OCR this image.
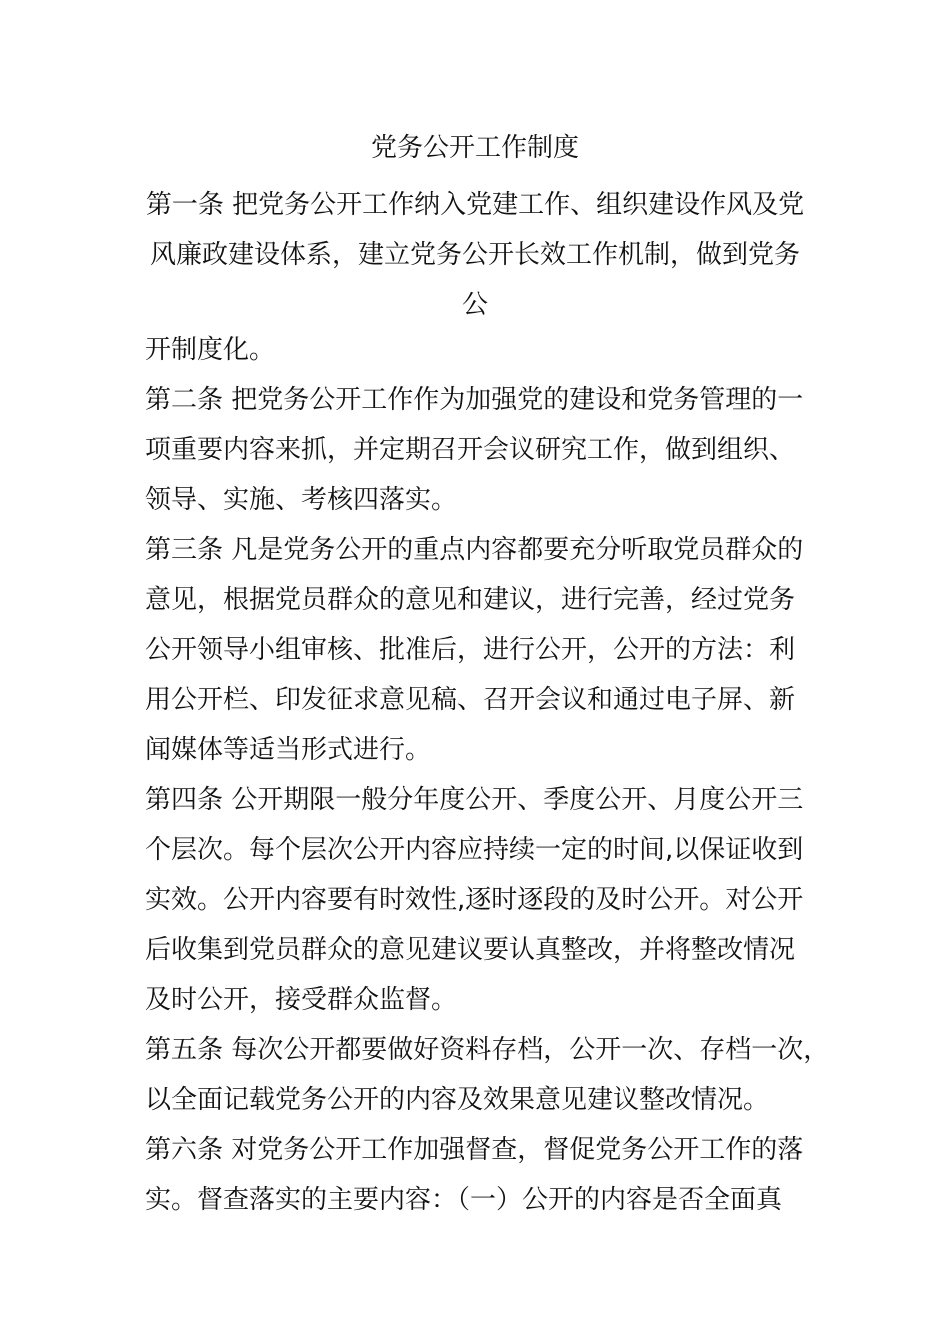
党务公开工作制度
第一条 把党务公开工作纳入党建工作、组织建设作风及党
风廉政建设体系，建立党务公开长效工作机制，做到党务
公
开制度化。
第二条 把党务公开工作作为加强党的建设和党务管理的一
项重要内容来抓，并定期召开会议研究工作，做到组织、
领导、实施、考核四落实。
第三条 凡是党务公开的重点内容都要充分听取党员群众的
意见，根据党员群众的意见和建议，进行完善，经过党务
公开领导小组审核、批准后，进行公开，公开的方法：利
用公开栏、印发征求意见稿、召开会议和通过电子屏、新
闻媒体等适当形式进行。
第四条 公开期限一般分年度公开、季度公开、月度公开三
个层次。每个层次公开内容应持续一定的时间,以保证收到
实效。公开内容要有时效性,逐时逐段的及时公开。对公开
后收集到党员群众的意见建议要认真整改，并将整改情况
及时公开，接受群众监督。
第五条 每次公开都要做好资料存档，公开一次、存档一次，
以全面记载党务公开的内容及效果意见建议整改情况。
第六条 对党务公开工作加强督查，督促党务公开工作的落
实。督查落实的主要内容：（一）公开的内容是否全面真
